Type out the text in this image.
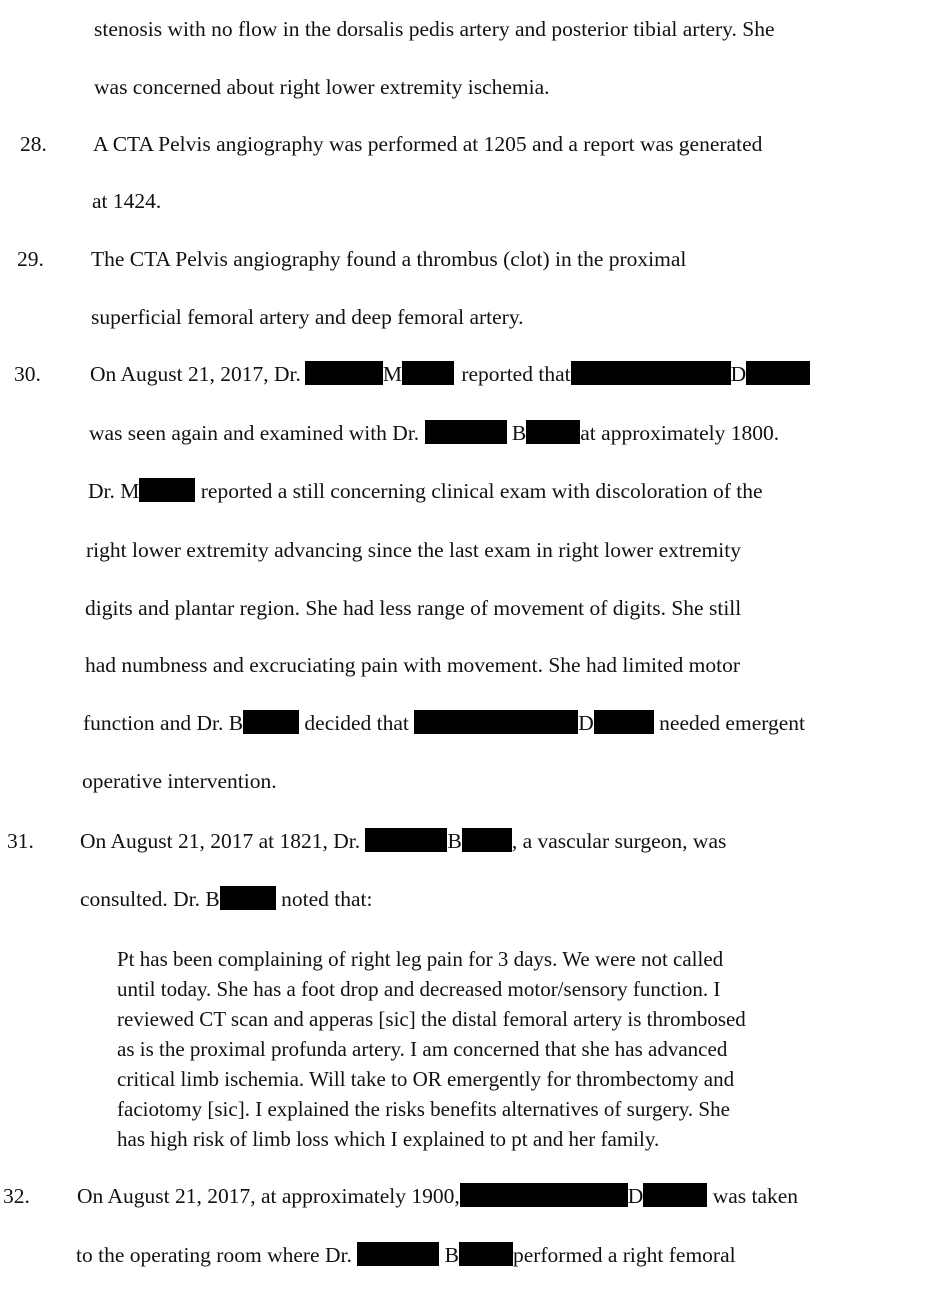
stenosis with no flow in the dorsalis pedis artery and posterior tibial artery. She
was concerned about right lower extremity ischemia.
28. A CTA Pelvis angiography was performed at 1205 and a report was generated
at 1424.
29. The CTA Pelvis angiography found a thrombus (clot) in the proximal
superficial femoral artery and deep femoral artery.
30. On August 21, 2017, Dr.	M	reported that	D
was seen again and examined with Dr.	B	at approximately 1800.
Dr. M	reported a still concerning clinical exam with discoloration of the
right lower extremity advancing since the last exam in right lower extremity
digits and plantar region. She had less range of movement of digits. She still
had numbness and excruciating pain with movement. She had limited motor
function and Dr. B	decided that	D	needed emergent
operative intervention.
31. On August 21, 2017 at 1821, Dr.	B , a vascular surgeon, was
consulted. Dr. B	noted that:
Pt has been complaining of right leg pain for 3 days. We were not called
until today. She has a foot drop and decreased motor/sensory function. I
reviewed CT scan and apperas [sic] the distal femoral artery is thrombosed
as is the proximal profunda artery. I am concerned that she has advanced
critical limb ischemia. Will take to OR emergently for thrombectomy and
faciotomy [sic]. I explained the risks benefits alternatives of surgery. She
has high risk of limb loss which I explained to pt and her family.
32. On August 21, 2017, at approximately 1900,	D	was taken
to the operating room where Dr.	B	performed a right femoral
